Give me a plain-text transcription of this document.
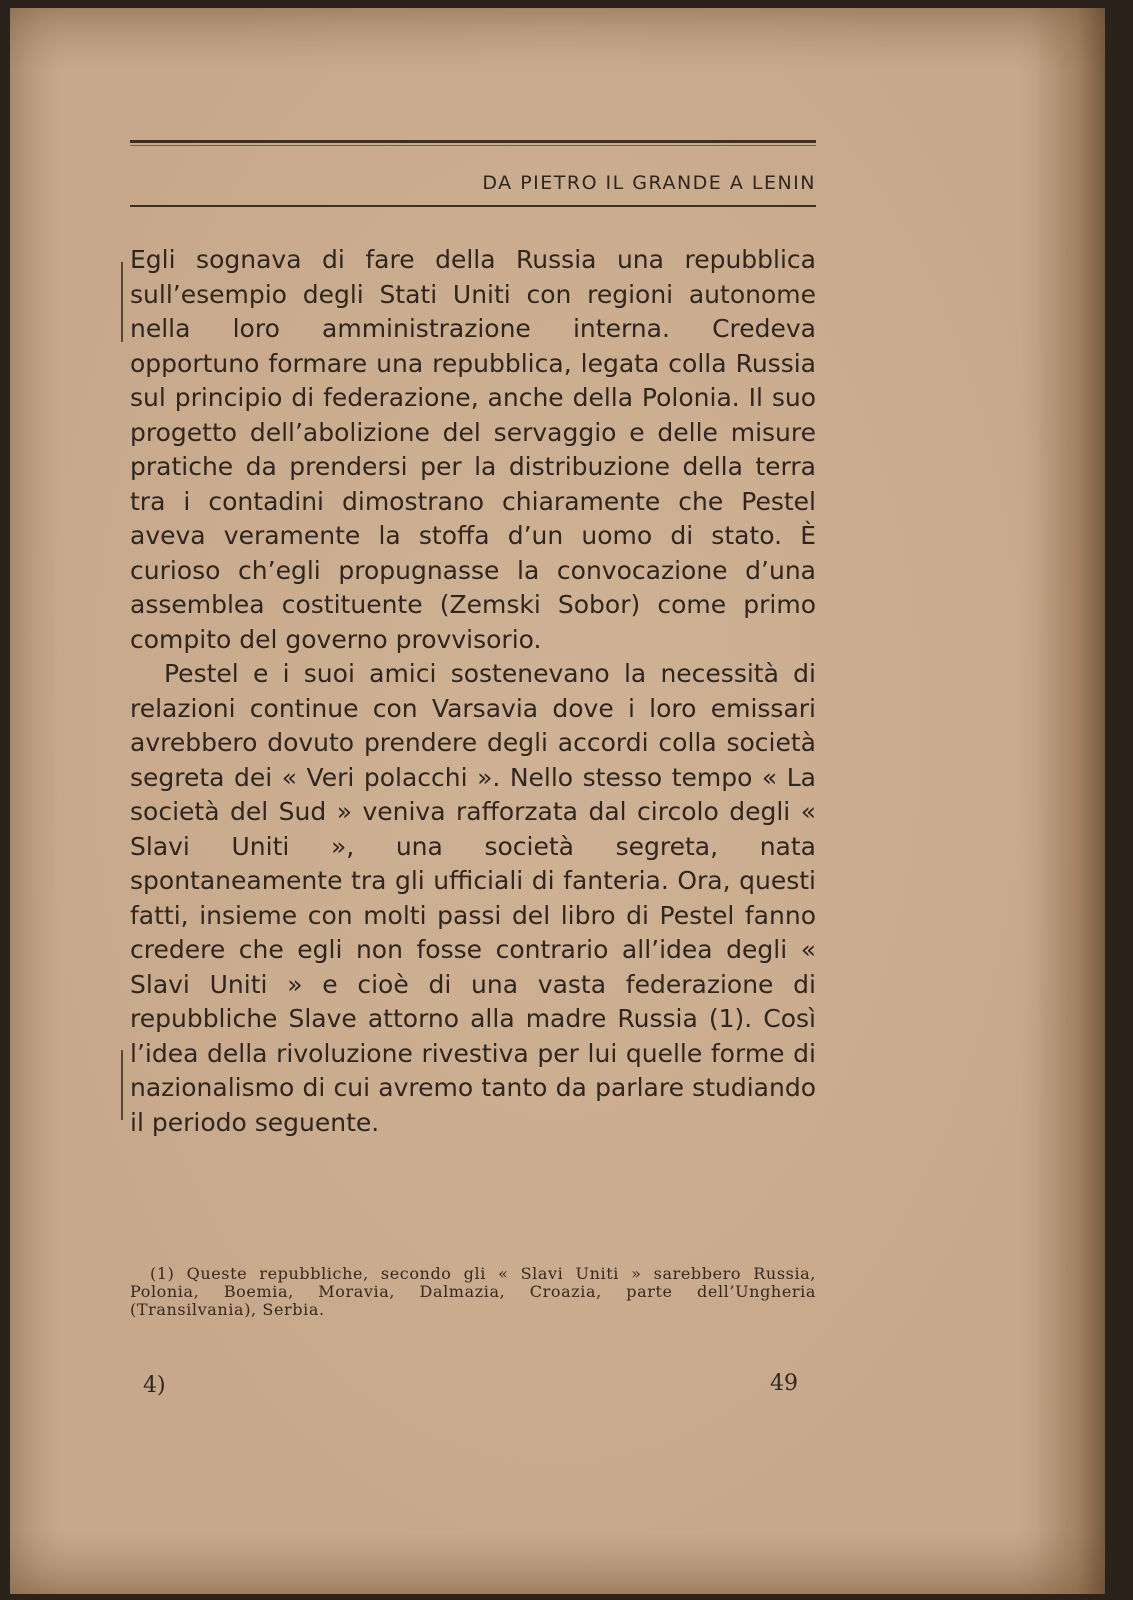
DA PIETRO IL GRANDE A LENIN

Egli sognava di fare della Russia una repubblica sull’esempio degli Stati Uniti con regioni autonome nella loro amministrazione interna. Credeva opportuno formare una repubblica, legata colla Russia sul principio di federazione, anche della Polonia. Il suo progetto dell’abolizione del servaggio e delle misure pratiche da prendersi per la distribuzione della terra tra i contadini dimostrano chiaramente che Pestel aveva veramente la stoffa d’un uomo di stato. È curioso ch’egli propugnasse la convocazione d’una assemblea costituente (Zemski Sobor) come primo compito del governo provvisorio.

Pestel e i suoi amici sostenevano la necessità di relazioni continue con Varsavia dove i loro emissari avrebbero dovuto prendere degli accordi colla società segreta dei « Veri polacchi ». Nello stesso tempo « La società del Sud » veniva rafforzata dal circolo degli « Slavi Uniti », una società segreta, nata spontaneamente tra gli ufficiali di fanteria. Ora, questi fatti, insieme con molti passi del libro di Pestel fanno credere che egli non fosse contrario all’idea degli « Slavi Uniti » e cioè di una vasta federazione di repubbliche Slave attorno alla madre Russia (1). Così l’idea della rivoluzione rivestiva per lui quelle forme di nazionalismo di cui avremo tanto da parlare studiando il periodo seguente.

(1) Queste repubbliche, secondo gli « Slavi Uniti » sarebbero Russia, Polonia, Boemia, Moravia, Dalmazia, Croazia, parte dell’Ungheria (Transilvania), Serbia.
4)	49
